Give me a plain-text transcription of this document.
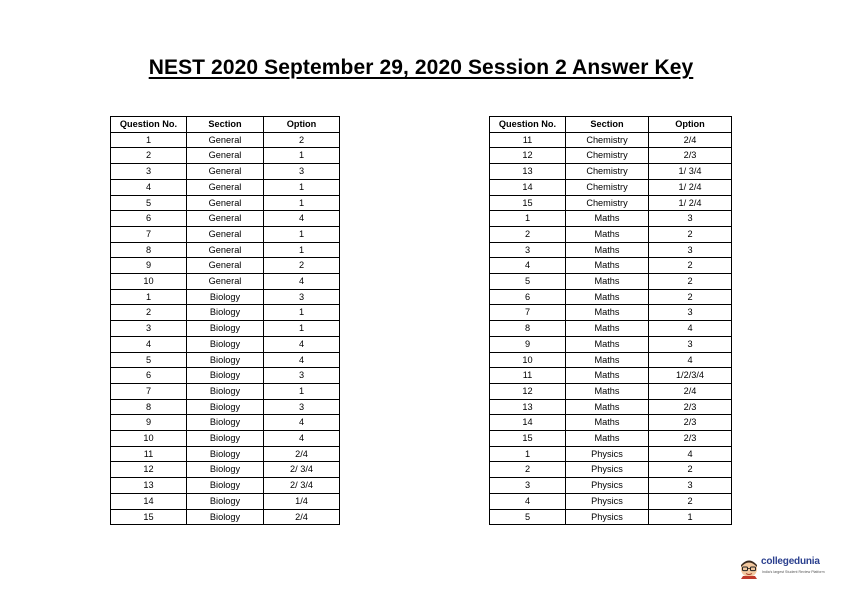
NEST 2020 September 29, 2020 Session 2 Answer Key
Question No.	Section	Option
1	General	2
2	General	1
3	General	3
4	General	1
5	General	1
6	General	4
7	General	1
8	General	1
9	General	2
10	General	4
1	Biology	3
2	Biology	1
3	Biology	1
4	Biology	4
5	Biology	4
6	Biology	3
7	Biology	1
8	Biology	3
9	Biology	4
10	Biology	4
11	Biology	2/4
12	Biology	2/ 3/4
13	Biology	2/ 3/4
14	Biology	1/4
15	Biology	2/4
Question No.	Section	Option
11	Chemistry	2/4
12	Chemistry	2/3
13	Chemistry	1/ 3/4
14	Chemistry	1/ 2/4
15	Chemistry	1/ 2/4
1	Maths	3
2	Maths	2
3	Maths	3
4	Maths	2
5	Maths	2
6	Maths	2
7	Maths	3
8	Maths	4
9	Maths	3
10	Maths	4
11	Maths	1/2/3/4
12	Maths	2/4
13	Maths	2/3
14	Maths	2/3
15	Maths	2/3
1	Physics	4
2	Physics	2
3	Physics	3
4	Physics	2
5	Physics	1
collegedunia
India's largest Student Review Platform
